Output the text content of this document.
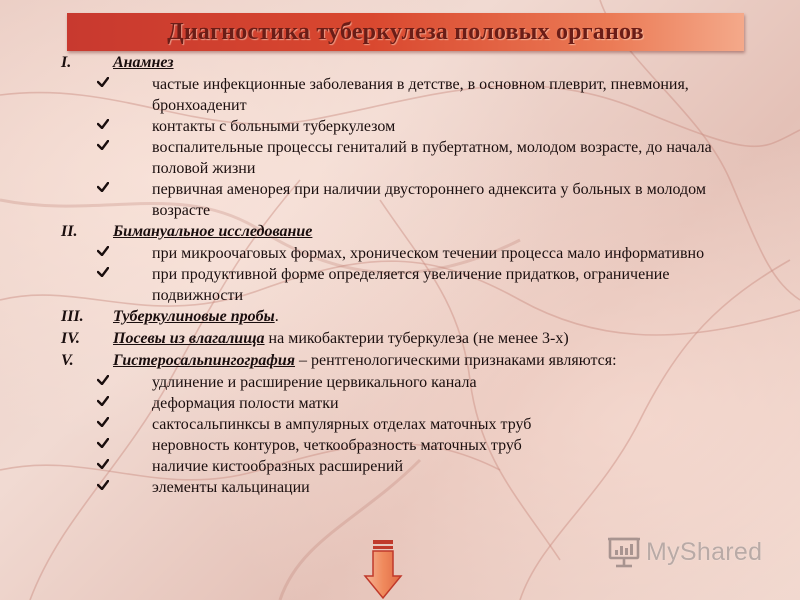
Диагностика туберкулеза половых органов
I.	Анамнез
частые инфекционные заболевания в детстве, в основном плеврит, пневмония, бронхоаденит
контакты с больными туберкулезом
воспалительные процессы гениталий в пубертатном, молодом возрасте, до начала половой жизни
первичная аменорея при наличии двустороннего аднексита у больных в молодом возрасте
II. Бимануальное исследование
при микроочаговых формах, хроническом течении процесса мало информативно
при продуктивной форме определяется увеличение придатков, ограничение подвижности
III. Туберкулиновые пробы.
IV. Посевы из влагалища на микобактерии туберкулеза (не менее 3-х)
V. Гистеросальпингография – рентгенологическими признаками являются:
удлинение и расширение цервикального канала
деформация полости матки
сактосальпинксы в ампулярных отделах маточных труб
неровность контуров, четкообразность маточных труб
наличие кистообразных расширений
элементы кальцинации
MyShared
